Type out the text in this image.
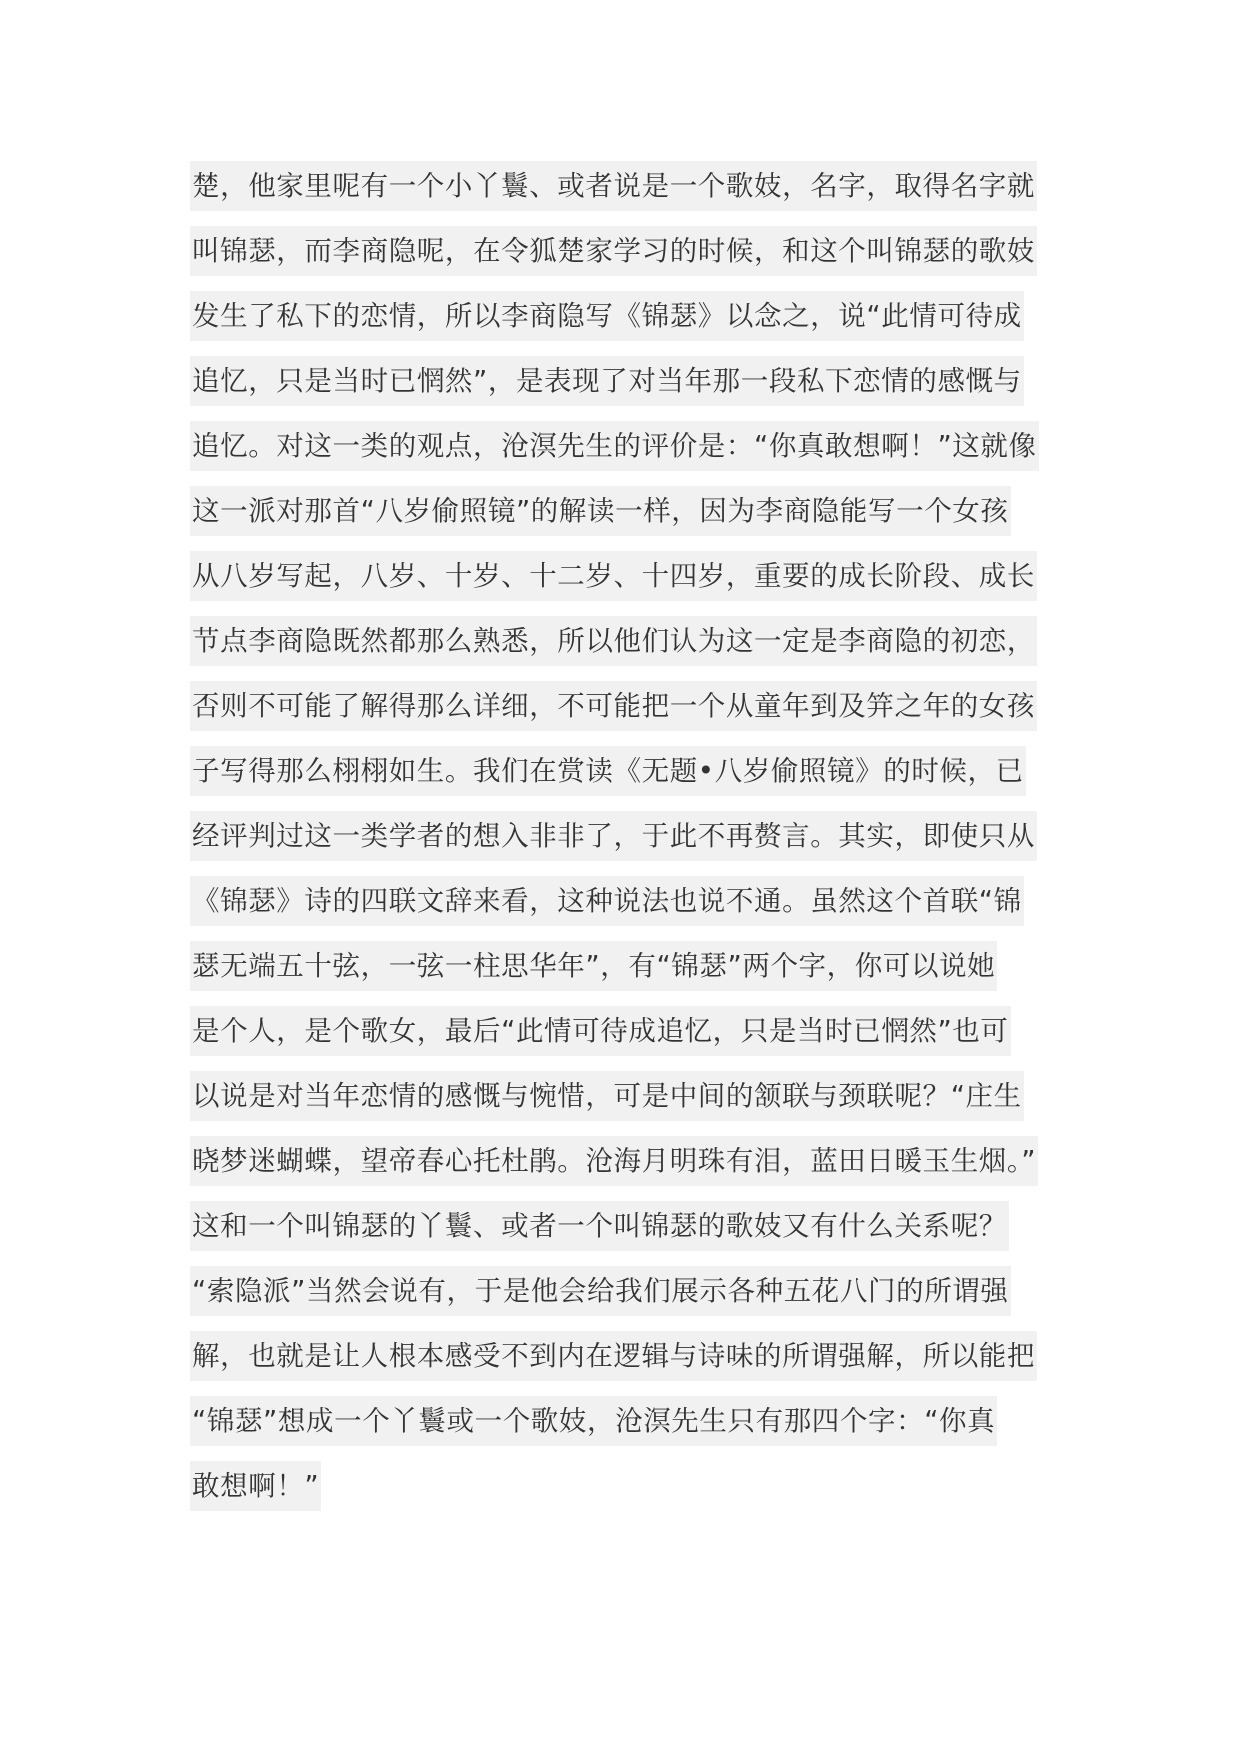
楚，他家里呢有一个小丫鬟、或者说是一个歌妓，名字，取得名字就
叫锦瑟，而李商隐呢，在令狐楚家学习的时候，和这个叫锦瑟的歌妓
发生了私下的恋情，所以李商隐写《锦瑟》以念之，说“此情可待成
追忆，只是当时已惘然”，是表现了对当年那一段私下恋情的感慨与
追忆。对这一类的观点，沧溟先生的评价是：“你真敢想啊！”这就像
这一派对那首“八岁偷照镜”的解读一样，因为李商隐能写一个女孩
从八岁写起，八岁、十岁、十二岁、十四岁，重要的成长阶段、成长
节点李商隐既然都那么熟悉，所以他们认为这一定是李商隐的初恋，
否则不可能了解得那么详细，不可能把一个从童年到及笄之年的女孩
子写得那么栩栩如生。我们在赏读《无题•八岁偷照镜》的时候，已
经评判过这一类学者的想入非非了，于此不再赘言。其实，即使只从
《锦瑟》诗的四联文辞来看，这种说法也说不通。虽然这个首联“锦
瑟无端五十弦，一弦一柱思华年”，有“锦瑟”两个字，你可以说她
是个人，是个歌女，最后“此情可待成追忆，只是当时已惘然”也可
以说是对当年恋情的感慨与惋惜，可是中间的颔联与颈联呢？“庄生
晓梦迷蝴蝶，望帝春心托杜鹃。沧海月明珠有泪，蓝田日暖玉生烟。”
这和一个叫锦瑟的丫鬟、或者一个叫锦瑟的歌妓又有什么关系呢？
“索隐派”当然会说有，于是他会给我们展示各种五花八门的所谓强
解，也就是让人根本感受不到内在逻辑与诗味的所谓强解，所以能把
“锦瑟”想成一个丫鬟或一个歌妓，沧溟先生只有那四个字：“你真
敢想啊！”
